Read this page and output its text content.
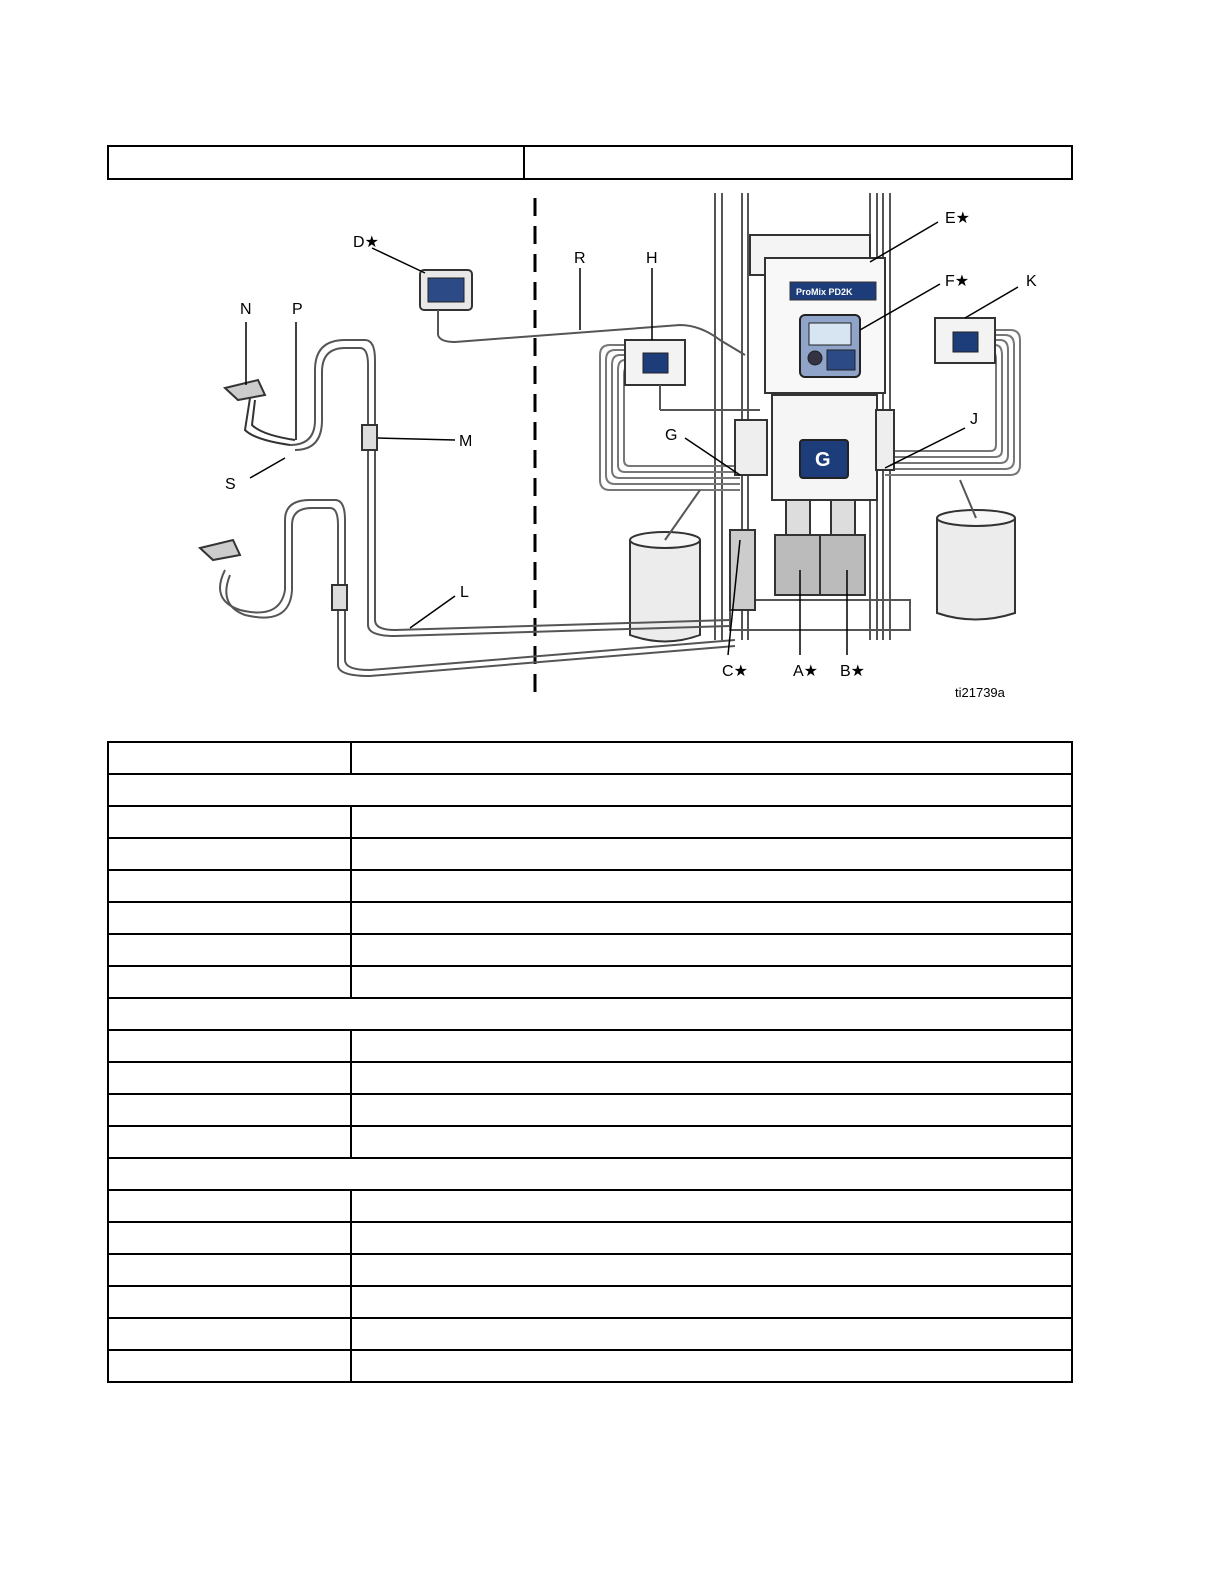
ProMix PD2K
G
E★
D★
R	H
F★	K
N	P
M	G
J
S
L
C★	A★ B★
ti21739a
